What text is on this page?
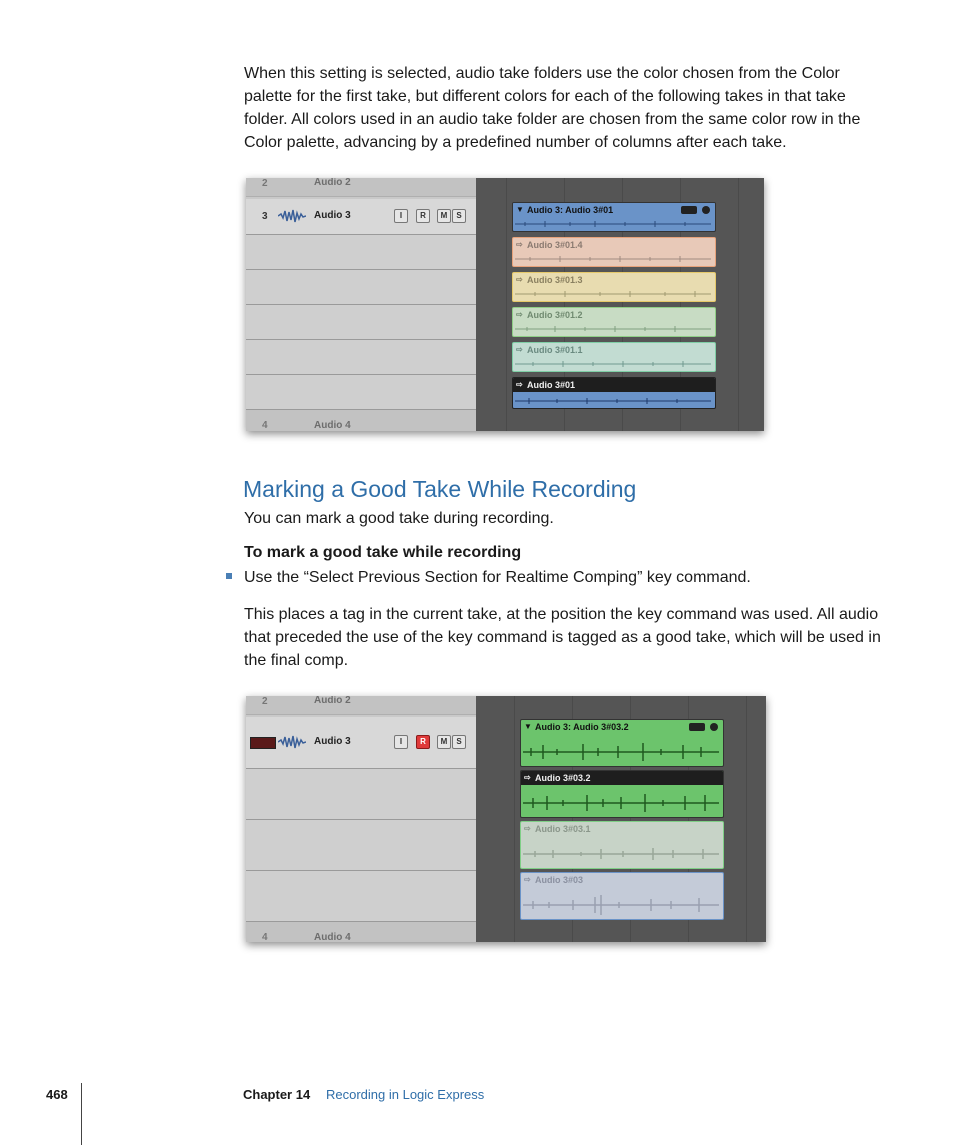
When this setting is selected, audio take folders use the color chosen from the Color palette for the first take, but different colors for each of the following takes in that take folder. All colors used in an audio take folder are chosen from the same color row in the Color palette, advancing by a predefined number of columns after each take.

2	Audio 2
3	Audio 3	I	R	M	S
4	Audio 4
▼ Audio 3: Audio 3#01
⇨ Audio 3#01.4
⇨ Audio 3#01.3
⇨ Audio 3#01.2
⇨ Audio 3#01.1
⇨ Audio 3#01
Marking a Good Take While Recording

You can mark a good take during recording.

To mark a good take while recording

Use the “Select Previous Section for Realtime Comping” key command.

This places a tag in the current take, at the position the key command was used. All audio that preceded the use of the key command is tagged as a good take, which will be used in the final comp.

2	Audio 2
Audio 3	I	R	M	S
4	Audio 4
▼ Audio 3: Audio 3#03.2
⇨ Audio 3#03.2
⇨ Audio 3#03.1
⇨ Audio 3#03

468	Chapter 14 Recording in Logic Express
